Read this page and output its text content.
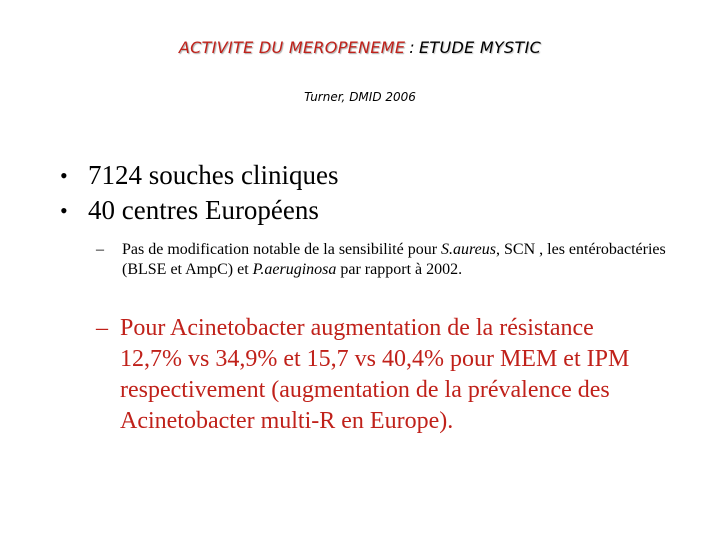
ACTIVITE DU MEROPENEME : ETUDE MYSTIC
Turner, DMID 2006
• 7124 souches cliniques
• 40 centres Européens
–	Pas de modification notable de la sensibilité pour S.aureus, SCN , les entérobactéries (BLSE et AmpC) et P.aeruginosa par rapport à 2002.
– Pour Acinetobacter augmentation de la résistance 12,7% vs 34,9% et 15,7 vs 40,4% pour MEM et IPM respectivement (augmentation de la prévalence des Acinetobacter multi-R en Europe).
